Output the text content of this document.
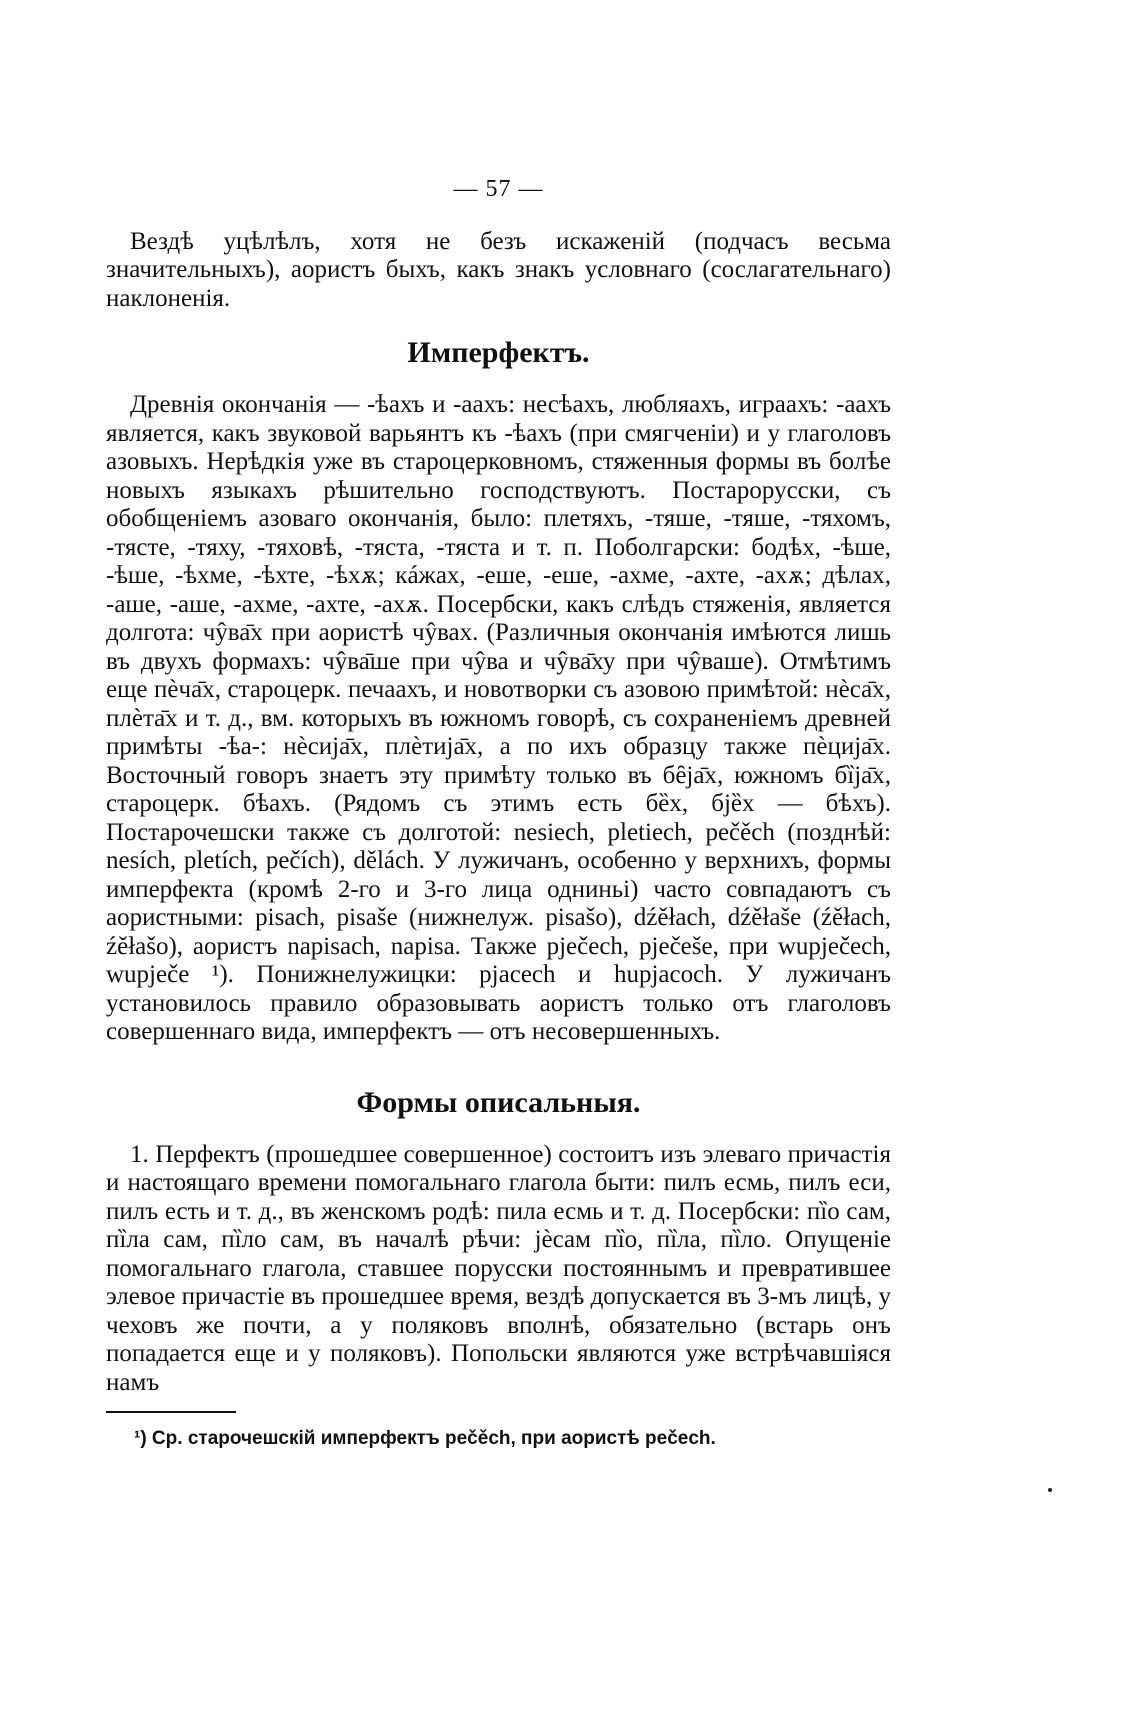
— 57 —

Вездѣ уцѣлѣлъ, хотя не безъ искаженій (подчасъ весьма значительныхъ), аористъ быхъ, какъ знакъ условнаго (сослагательнаго) наклоненія.

Имперфектъ.

Древнія окончанія — -ѣахъ и -аахъ: несѣахъ, любляахъ, играахъ: -аахъ является, какъ звуковой варьянтъ къ -ѣахъ (при смягченіи) и у глаголовъ азовыхъ. Нерѣдкія уже въ староцерковномъ, стяженныя формы въ болѣе новыхъ языкахъ рѣшительно господствуютъ. Постарорусски, съ обобщеніемъ азоваго окончанія, было: плетяхъ, -тяше, -тяше, -тяхомъ, -тясте, -тяху, -тяховѣ, -тяста, -тяста и т. п. Поболгарски: бодѣх, -ѣше, -ѣше, -ѣхме, -ѣхте, -ѣхѫ; кáжах, -еше, -еше, -ахме, -ахте, -ахѫ; дѣлах, -аше, -аше, -ахме, -ахте, -ахѫ. Посербски, какъ слѣдъ стяженія, является долгота: чŷва̄х при аористѣ чŷвах. (Различныя окончанія имѣются лишь въ двухъ формахъ: чŷва̄ше при чŷва и чŷва̄ху при чŷваше). Отмѣтимъ еще пѐча̄х, староцерк. печаахъ, и новотворки съ азовою примѣтой: нѐса̄х, плѐта̄х и т. д., вм. которыхъ въ южномъ говорѣ, съ сохраненіемъ древней примѣты -ѣа-: нѐсиjа̄х, плѐтиjа̄х, а по ихъ образцу также пѐциjа̄х. Восточный говоръ знаетъ эту примѣту только въ бȇја̄х, южномъ бȉја̄х, староцерк. бѣахъ. (Рядомъ съ этимъ есть бȅх, бјȅх — бѣхъ). Постарочешски также съ долготой: nesiech, pletiech, pečěch (позднѣй: nesích, pletích, pečích), dělách. У лужичанъ, особенно у верхнихъ, формы имперфекта (кромѣ 2-го и 3-го лица одниньі) часто совпадаютъ съ аористными: pisach, pisaše (нижнелуж. pisašo), dźěłach, dźěłaše (źěłach, źěłašo), аористъ napisach, napisa. Также pječech, pječeše, при wupječech, wupječe ¹). Понижнелужицки: pjacech и hupjacoch. У лужичанъ установилось правило образовывать аористъ только отъ глаголовъ совершеннаго вида, имперфектъ — отъ несовершенныхъ.

Формы описальныя.

1. Перфектъ (прошедшее совершенное) состоитъ изъ элеваго причастія и настоящаго времени помогальнаго глагола быти: пилъ есмь, пилъ еси, пилъ есть и т. д., въ женскомъ родѣ: пила есмь и т. д. Посербски: пȉо сам, пȉла сам, пȉло сам, въ началѣ рѣчи: јѐсам пȉо, пȉла, пȉло. Опущеніе помогальнаго глагола, ставшее порусски постояннымъ и превратившее элевое причастіе въ прошедшее время, вездѣ допускается въ 3-мъ лицѣ, у чеховъ же почти, а у поляковъ вполнѣ, обязательно (встарь онъ попадается еще и у поляковъ). Попольски являются уже встрѣчавшіяся намъ

¹) Ср. старочешскій имперфектъ pečěch, при аористѣ pečech.
